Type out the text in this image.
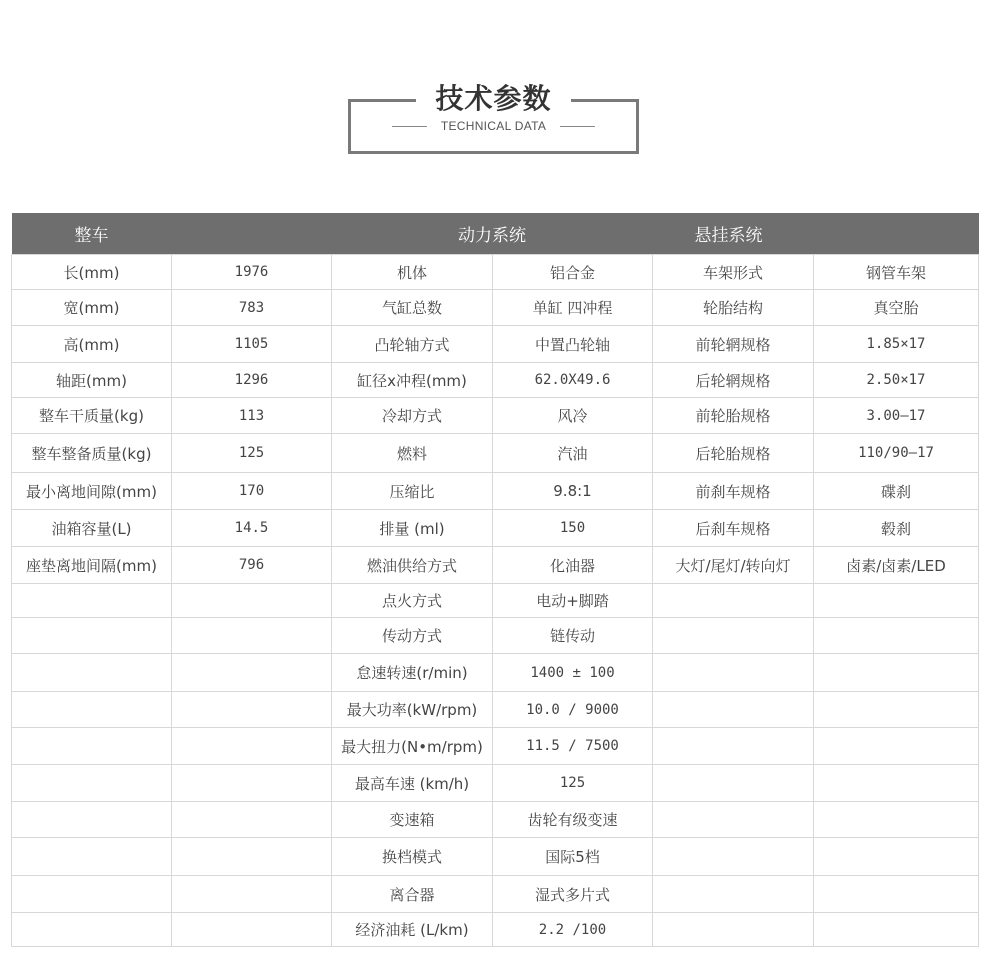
技术参数
TECHNICAL DATA
整车		动力系统		悬挂系统	
长(mm)	1976	机体	铝合金	车架形式	钢管车架
宽(mm)	783	气缸总数	单缸 四冲程	轮胎结构	真空胎
高(mm)	1105	凸轮轴方式	中置凸轮轴	前轮辋规格	1.85×17
轴距(mm)	1296	缸径x冲程(mm)	62.0X49.6	后轮辋规格	2.50×17
整车干质量(kg)	113	冷却方式	风冷	前轮胎规格	3.00—17
整车整备质量(kg)	125	燃料	汽油	后轮胎规格	110/90—17
最小离地间隙(mm)	170	压缩比	9.8:1	前刹车规格	碟刹
油箱容量(L)	14.5	排量 (ml)	150	后刹车规格	毂刹
座垫离地间隔(mm)	796	燃油供给方式	化油器	大灯/尾灯/转向灯	卤素/卤素/LED
		点火方式	电动+脚踏		
		传动方式	链传动		
		怠速转速(r/min)	1400 ± 100		
		最大功率(kW/rpm)	10.0 / 9000		
		最大扭力(N•m/rpm)	11.5 / 7500		
		最高车速 (km/h)	125		
		变速箱	齿轮有级变速		
		换档模式	国际5档		
		离合器	湿式多片式		
		经济油耗 (L/km)	2.2 /100		
